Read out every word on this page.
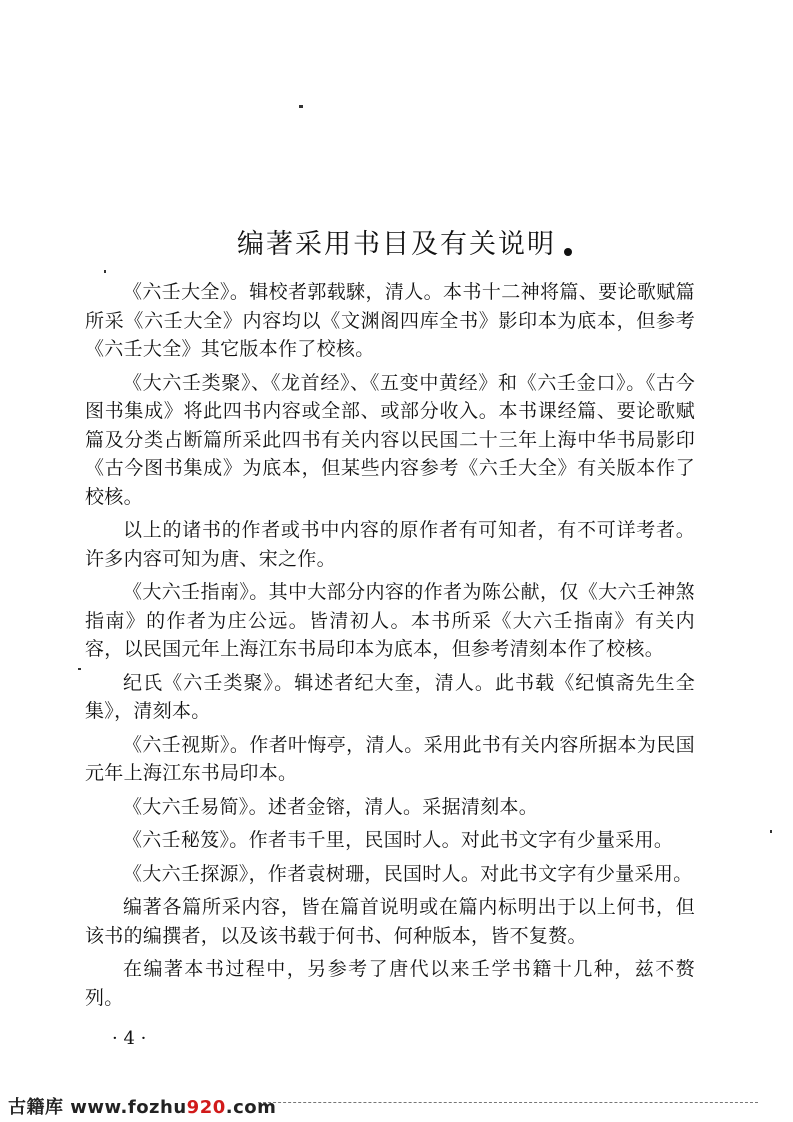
编著采用书目及有关说明

《六壬大全》。辑校者郭载騋，清人。本书十二神将篇、要论歌赋篇所采《六壬大全》内容均以《文渊阁四库全书》影印本为底本，但参考《六壬大全》其它版本作了校核。

《大六壬类聚》、《龙首经》、《五变中黄经》和《六壬金口》。《古今图书集成》将此四书内容或全部、或部分收入。本书课经篇、要论歌赋篇及分类占断篇所采此四书有关内容以民国二十三年上海中华书局影印《古今图书集成》为底本，但某些内容参考《六壬大全》有关版本作了校核。

以上的诸书的作者或书中内容的原作者有可知者，有不可详考者。许多内容可知为唐、宋之作。

《大六壬指南》。其中大部分内容的作者为陈公献，仅《大六壬神煞指南》的作者为庄公远。皆清初人。本书所采《大六壬指南》有关内容，以民国元年上海江东书局印本为底本，但参考清刻本作了校核。

纪氏《六壬类聚》。辑述者纪大奎，清人。此书载《纪慎斋先生全集》，清刻本。

《六壬视斯》。作者叶悔亭，清人。采用此书有关内容所据本为民国元年上海江东书局印本。

《大六壬易简》。述者金镕，清人。采据清刻本。

《六壬秘笈》。作者韦千里，民国时人。对此书文字有少量采用。

《大六壬探源》，作者袁树珊，民国时人。对此书文字有少量采用。

编著各篇所采内容，皆在篇首说明或在篇内标明出于以上何书，但该书的编撰者，以及该书载于何书、何种版本，皆不复赘。

在编著本书过程中，另参考了唐代以来壬学书籍十几种，兹不赘列。

· 4 ·
古籍库 www.fozhu920.com
